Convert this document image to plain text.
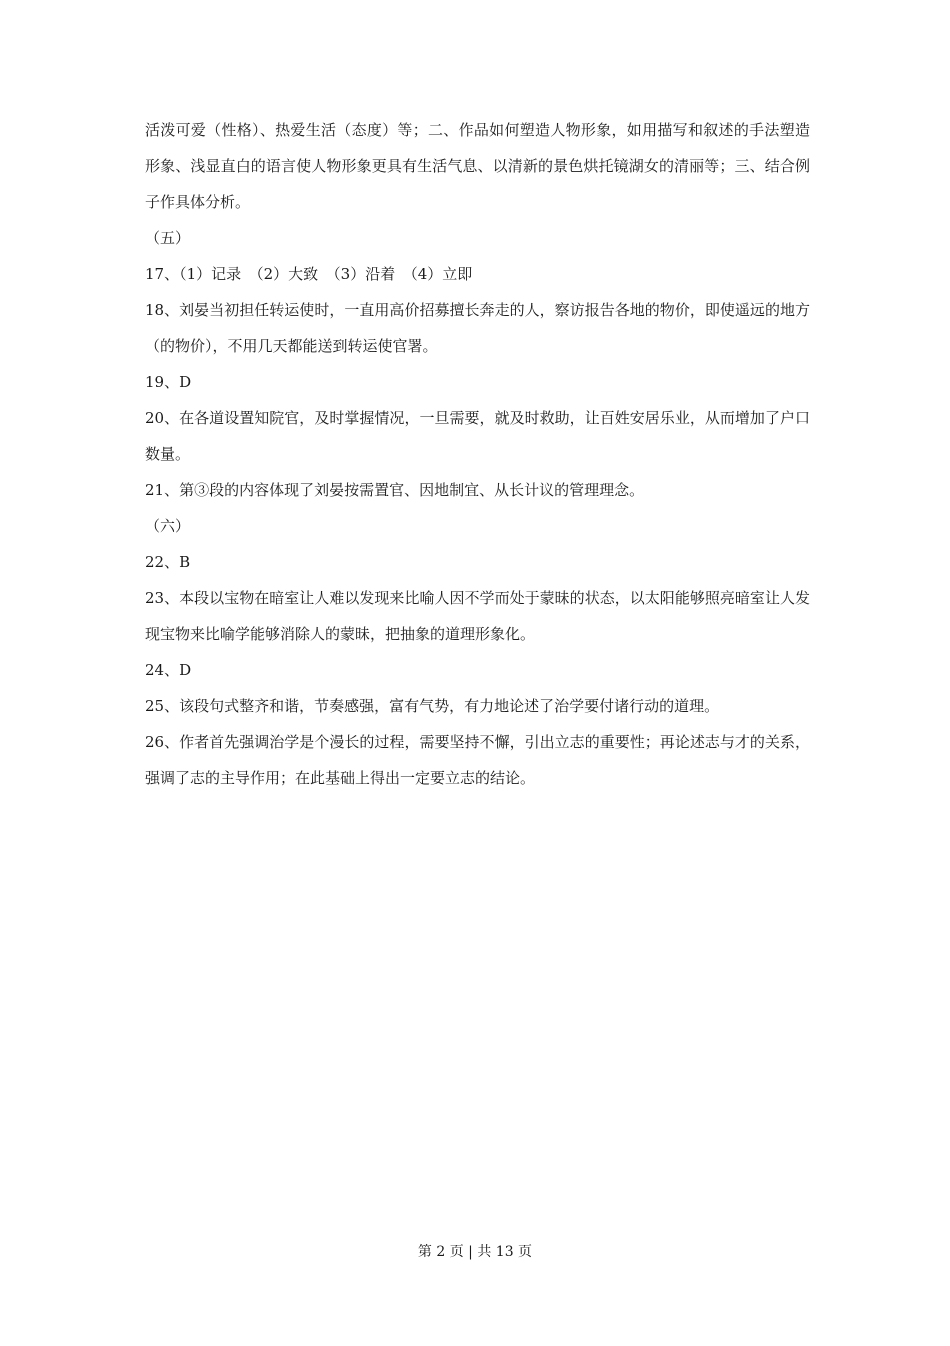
活泼可爱（性格）、热爱生活（态度）等；二、作品如何塑造人物形象，如用描写和叙述的手法塑造形象、浅显直白的语言使人物形象更具有生活气息、以清新的景色烘托镜湖女的清丽等；三、结合例子作具体分析。

（五）

17、（1）记录　（2）大致　（3）沿着　（4）立即

18、刘晏当初担任转运使时，一直用高价招募擅长奔走的人，察访报告各地的物价，即使遥远的地方（的物价），不用几天都能送到转运使官署。

19、D

20、在各道设置知院官，及时掌握情况，一旦需要，就及时救助，让百姓安居乐业，从而增加了户口数量。

21、第③段的内容体现了刘晏按需置官、因地制宜、从长计议的管理理念。

（六）

22、B

23、本段以宝物在暗室让人难以发现来比喻人因不学而处于蒙昧的状态，以太阳能够照亮暗室让人发现宝物来比喻学能够消除人的蒙昧，把抽象的道理形象化。

24、D

25、该段句式整齐和谐，节奏感强，富有气势，有力地论述了治学要付诸行动的道理。

26、作者首先强调治学是个漫长的过程，需要坚持不懈，引出立志的重要性；再论述志与才的关系，强调了志的主导作用；在此基础上得出一定要立志的结论。

第 2 页 | 共 13 页
